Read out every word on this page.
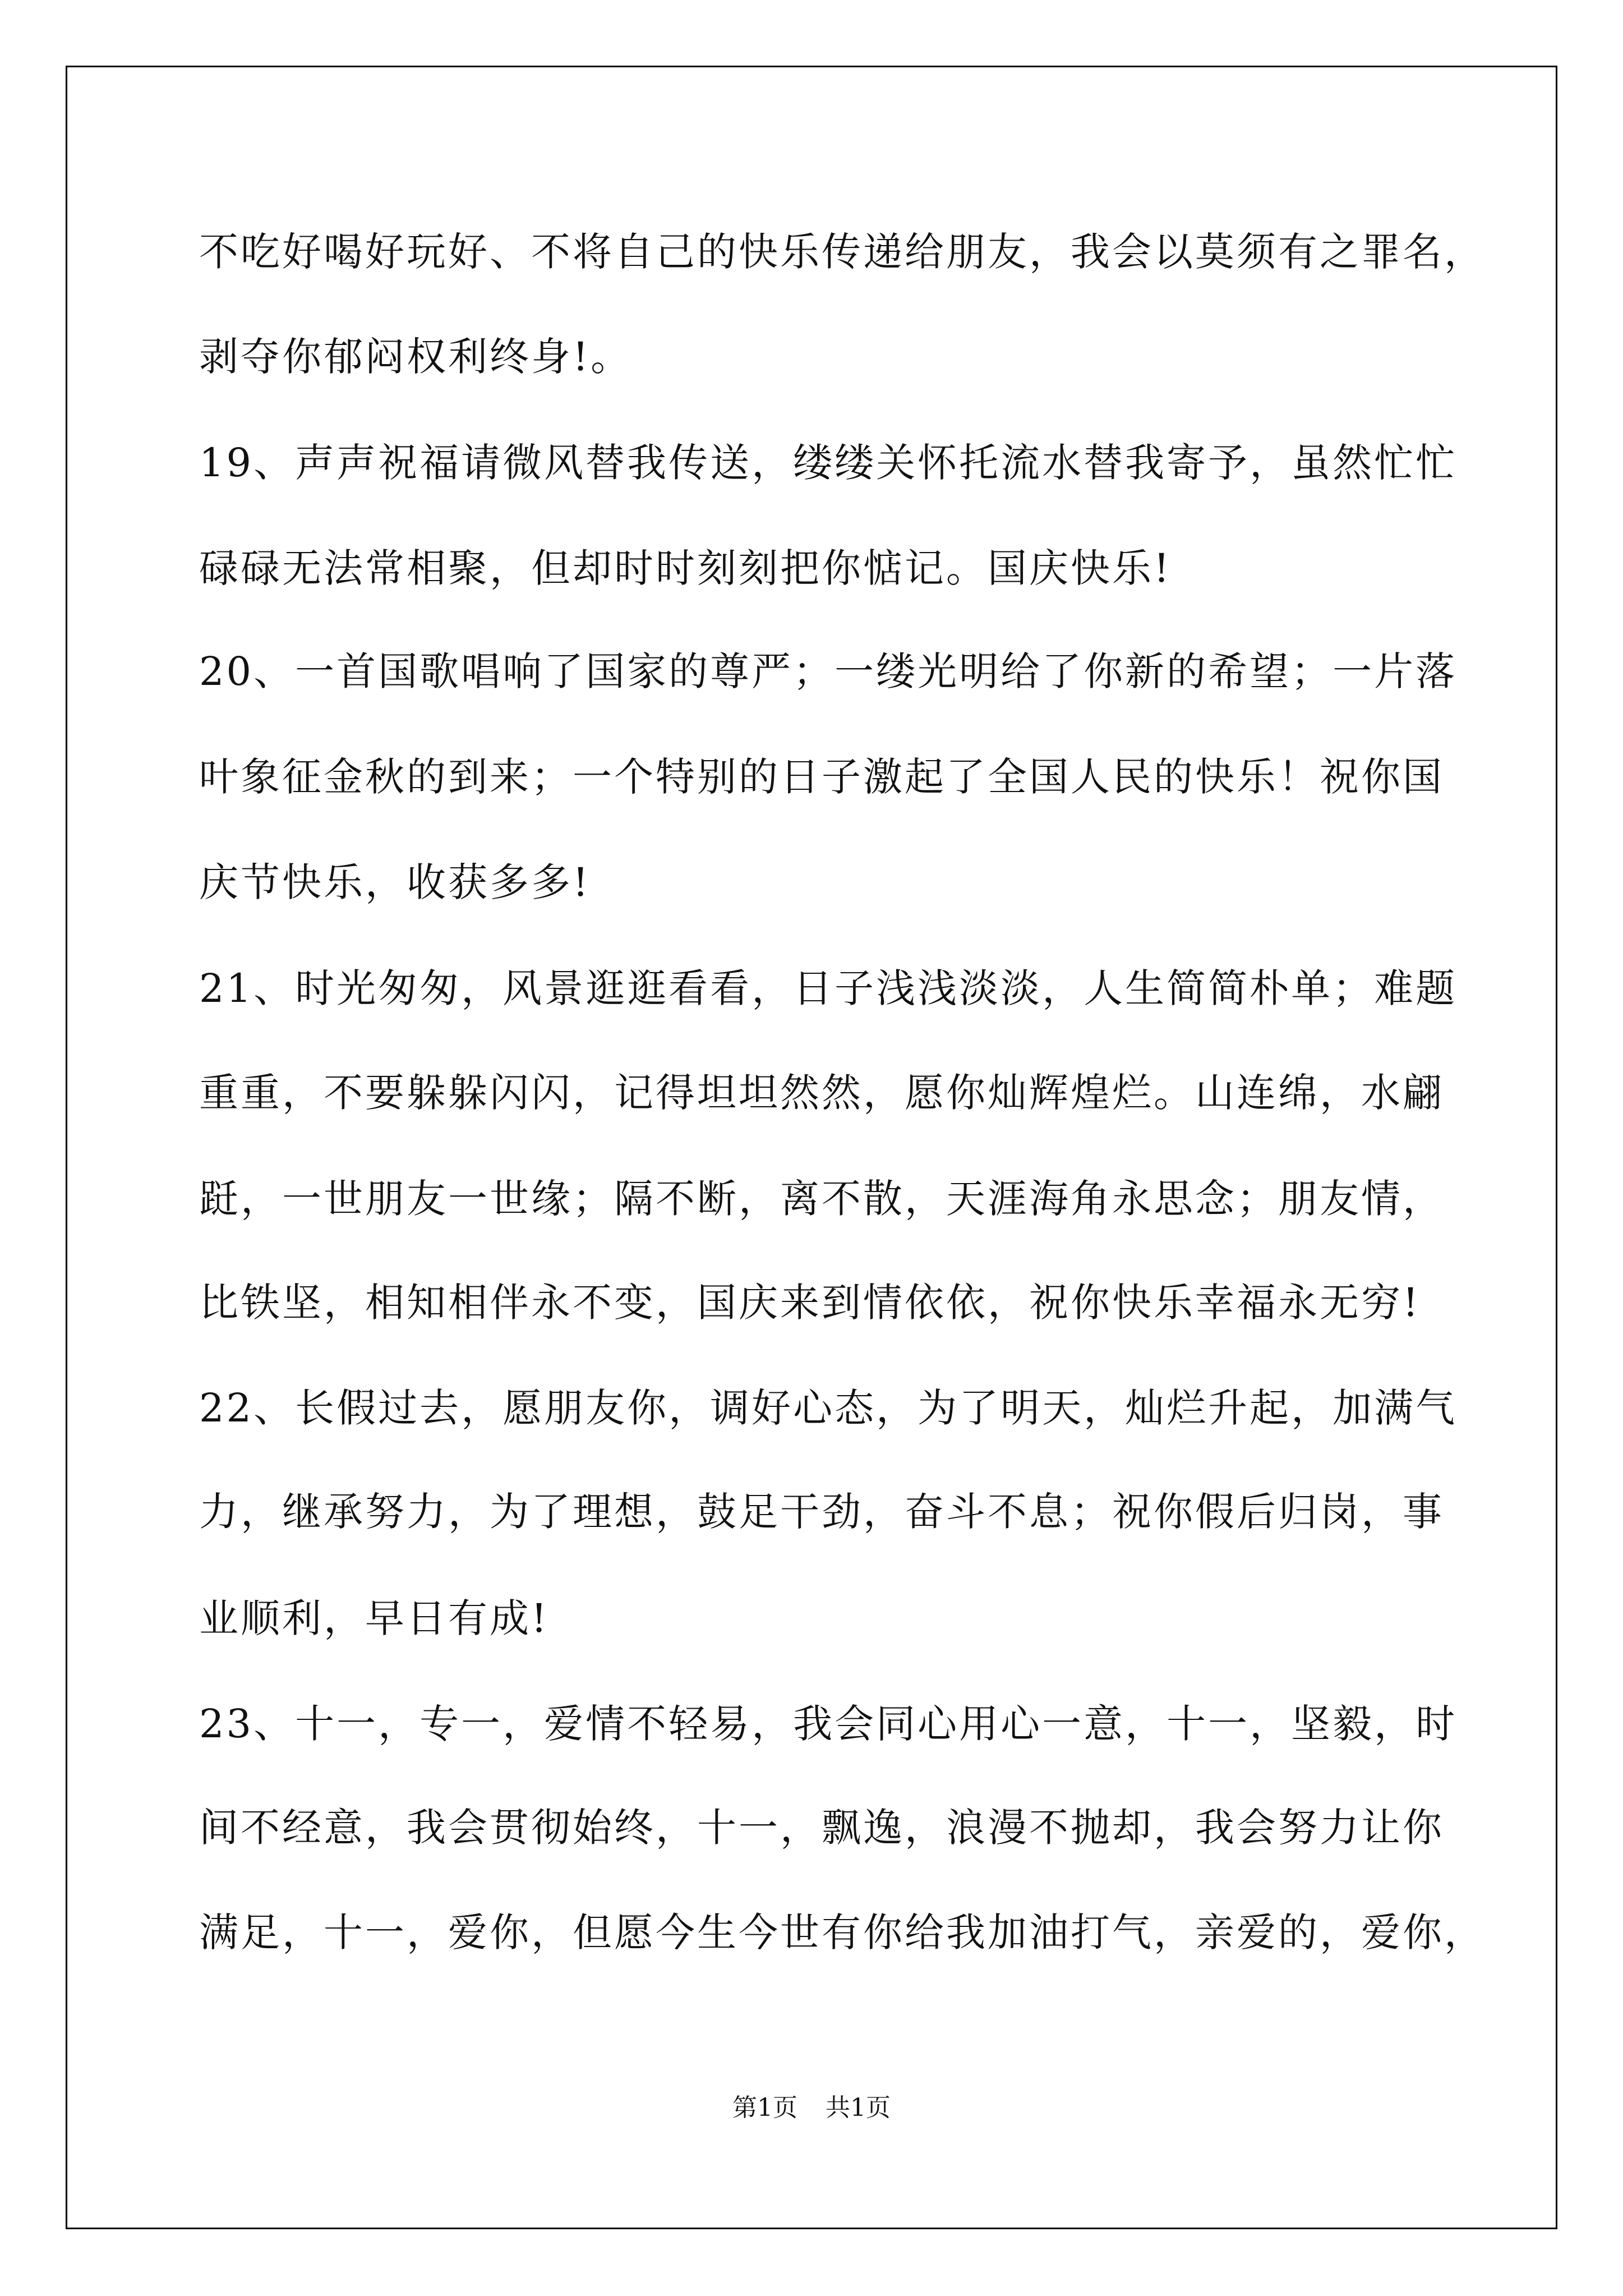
不吃好喝好玩好、不将自己的快乐传递给朋友，我会以莫须有之罪名，
剥夺你郁闷权利终身!。
19、声声祝福请微风替我传送，缕缕关怀托流水替我寄予，虽然忙忙
碌碌无法常相聚，但却时时刻刻把你惦记。国庆快乐!
20、一首国歌唱响了国家的尊严；一缕光明给了你新的希望；一片落
叶象征金秋的到来；一个特别的日子激起了全国人民的快乐！祝你国
庆节快乐，收获多多!
21、时光匆匆，风景逛逛看看，日子浅浅淡淡，人生简简朴单；难题
重重，不要躲躲闪闪，记得坦坦然然，愿你灿辉煌烂。山连绵，水翩
跹，一世朋友一世缘；隔不断，离不散，天涯海角永思念；朋友情，
比铁坚，相知相伴永不变，国庆来到情依依，祝你快乐幸福永无穷!
22、长假过去，愿朋友你，调好心态，为了明天，灿烂升起，加满气
力，继承努力，为了理想，鼓足干劲，奋斗不息；祝你假后归岗，事
业顺利，早日有成!
23、十一，专一，爱情不轻易，我会同心用心一意，十一，坚毅，时
间不经意，我会贯彻始终，十一，飘逸，浪漫不抛却，我会努力让你
满足，十一，爱你，但愿今生今世有你给我加油打气，亲爱的，爱你，
第1页 共1页
